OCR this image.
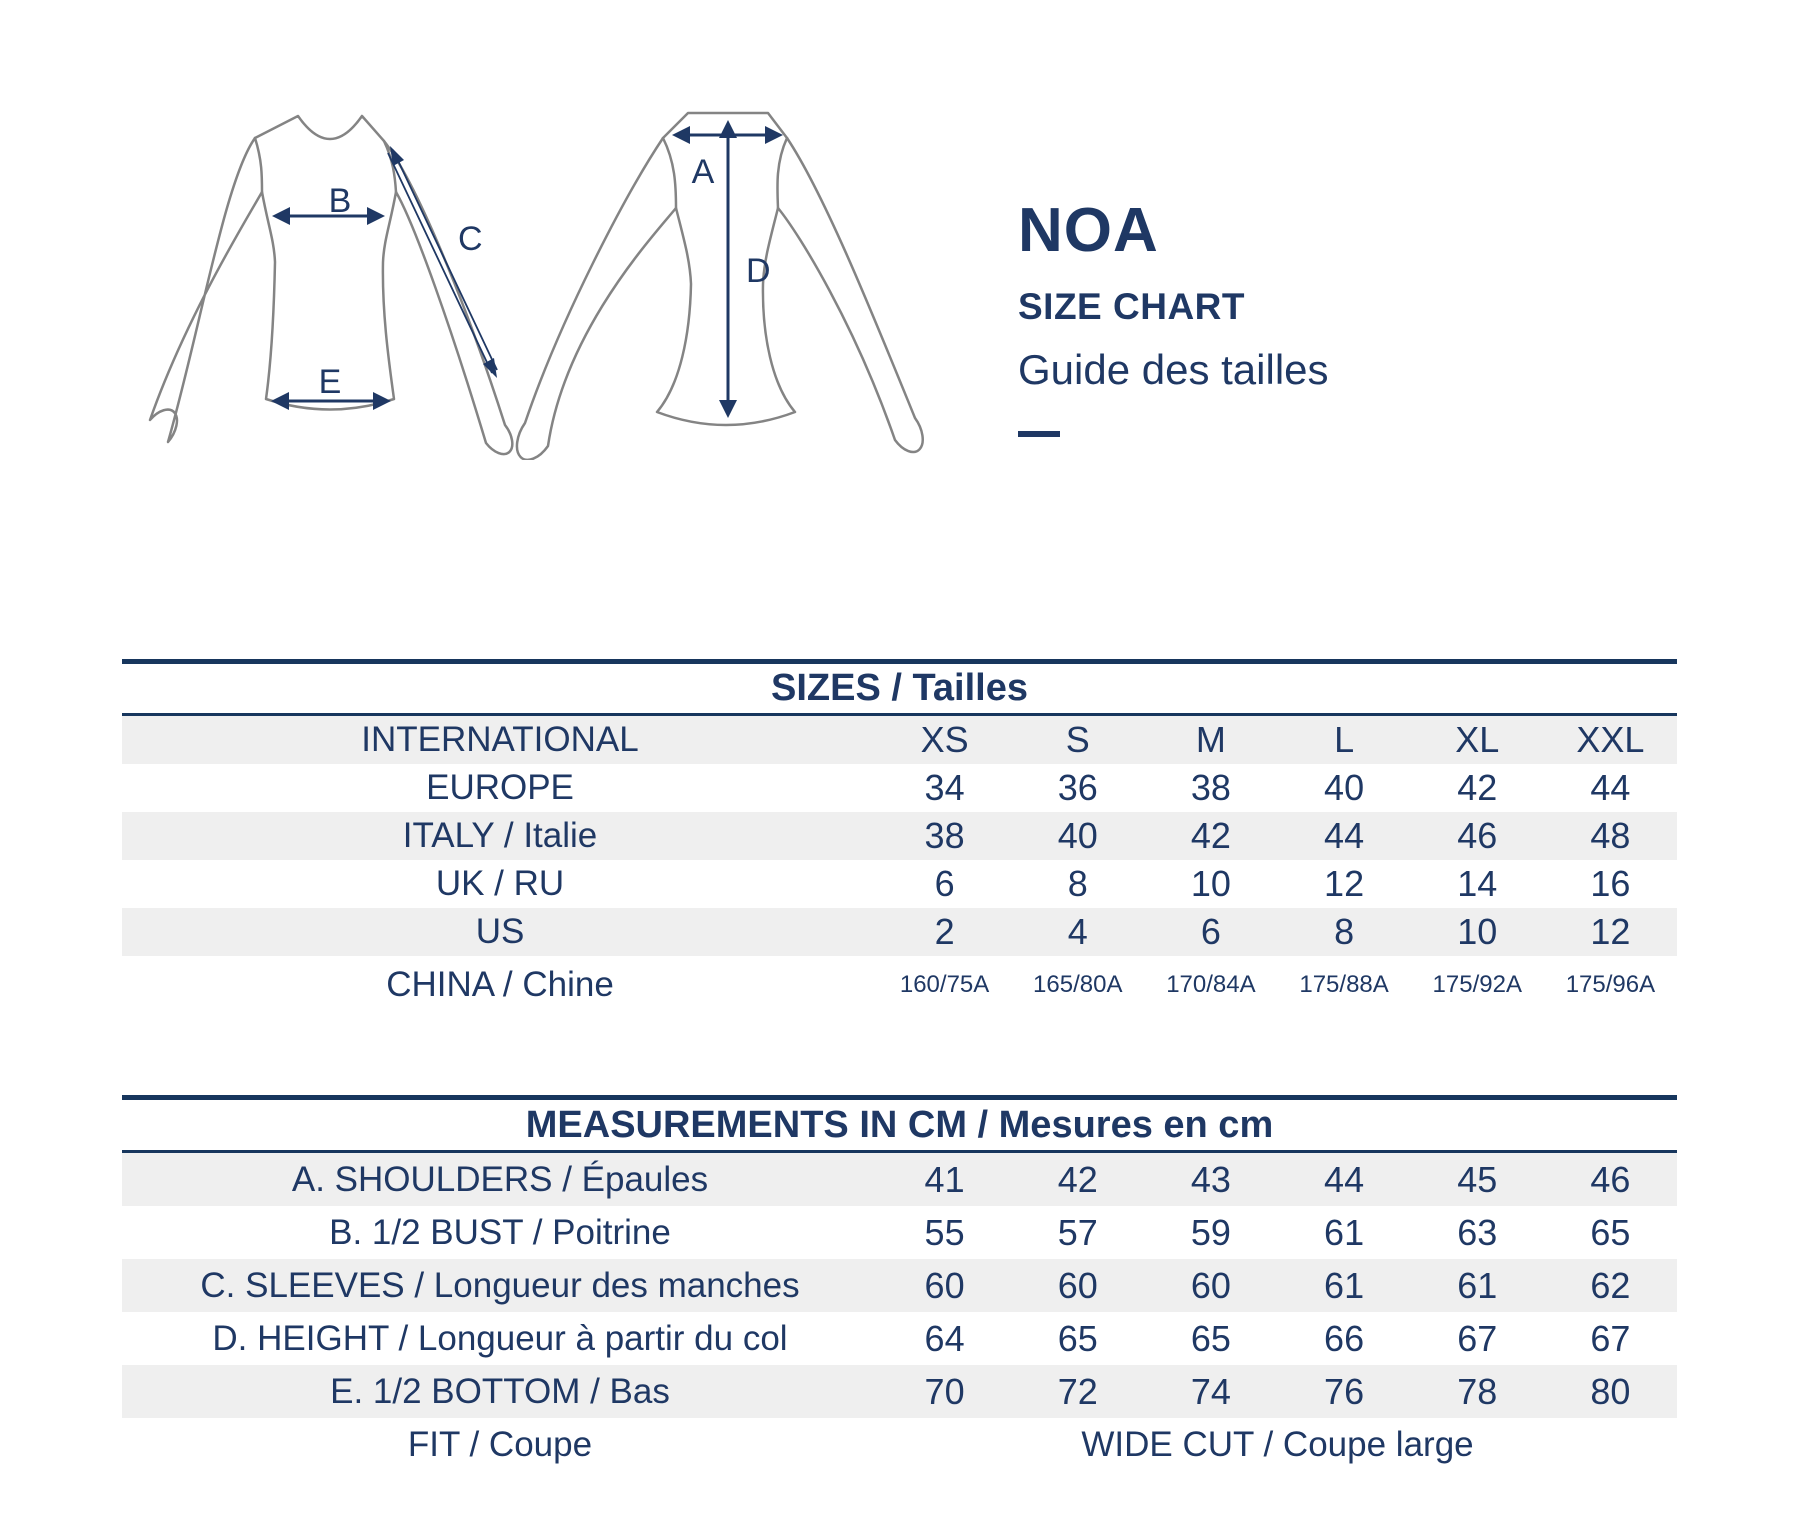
B
C
E
A
D
NOA
SIZE CHART
Guide des tailles
SIZES / Tailles
INTERNATIONAL	XS	S	M	L	XL	XXL
EUROPE	34	36	38	40	42	44
ITALY / Italie	38	40	42	44	46	48
UK / RU	6	8	10	12	14	16
US	2	4	6	8	10	12
CHINA / Chine	160/75A	165/80A	170/84A	175/88A	175/92A	175/96A
MEASUREMENTS IN CM / Mesures en cm
A. SHOULDERS / Épaules	41	42	43	44	45	46
B. 1/2 BUST / Poitrine	55	57	59	61	63	65
C. SLEEVES / Longueur des manches	60	60	60	61	61	62
D. HEIGHT / Longueur à partir du col	64	65	65	66	67	67
E. 1/2 BOTTOM / Bas	70	72	74	76	78	80
FIT / Coupe	WIDE CUT / Coupe large
